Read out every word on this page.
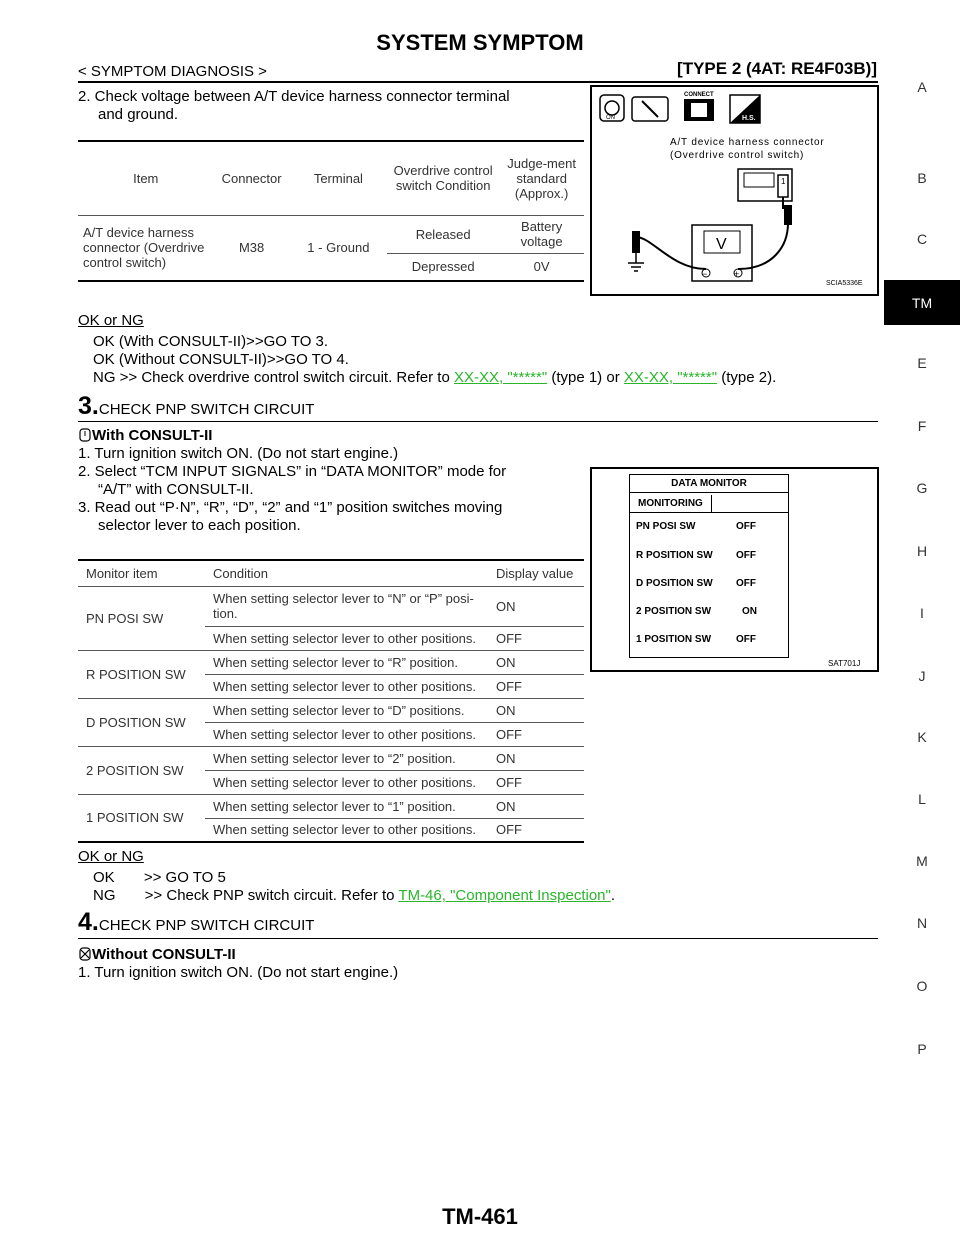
SYSTEM SYMPTOM
< SYMPTOM DIAGNOSIS >	[TYPE 2 (4AT: RE4F03B)]
A
B
C
TM
E
F
G
H
I
J
K
L
M
N
O
P
2. Check voltage between A/T device harness connector terminal
and ground.
Item	Connector	Terminal	Overdrive control switch Condition	Judge-ment standard (Approx.)
A/T device harness connector (Overdrive control switch)	M38	1 - Ground	Released	Battery voltage
			Depressed	0V
ON
CONNECT
H.S.
A/T device harness connector
(Overdrive control switch)
1
V
−	+
SCIA5336E
OK or NG
OK (With CONSULT-II)>>GO TO 3.
OK (Without CONSULT-II)>>GO TO 4.
NG >> Check overdrive control switch circuit. Refer to XX-XX, "*****" (type 1) or XX-XX, "*****" (type 2).
3.CHECK PNP SWITCH CIRCUIT
With CONSULT-II
1. Turn ignition switch ON. (Do not start engine.)
2. Select “TCM INPUT SIGNALS” in “DATA MONITOR” mode for
“A/T” with CONSULT-II.
3. Read out “P·N”, “R”, “D”, “2” and “1” position switches moving
selector lever to each position.
DATA MONITOR
MONITORING
PN POSI SW	OFF
R POSITION SW	OFF
D POSITION SW	OFF
2 POSITION SW	ON
1 POSITION SW	OFF
SAT701J
Monitor item	Condition	Display value
PN POSI SW	When setting selector lever to “N” or “P” posi-
tion.	ON
	When setting selector lever to other positions.	OFF
R POSITION SW	When setting selector lever to “R” position.	ON
	When setting selector lever to other positions.	OFF
D POSITION SW	When setting selector lever to “D” positions.	ON
	When setting selector lever to other positions.	OFF
2 POSITION SW	When setting selector lever to “2” position.	ON
	When setting selector lever to other positions.	OFF
1 POSITION SW	When setting selector lever to “1” position.	ON
	When setting selector lever to other positions.	OFF
OK or NG
OK       >> GO TO 5
NG       >> Check PNP switch circuit. Refer to TM-46, "Component Inspection".
4.CHECK PNP SWITCH CIRCUIT
Without CONSULT-II
1. Turn ignition switch ON. (Do not start engine.)
TM-461
